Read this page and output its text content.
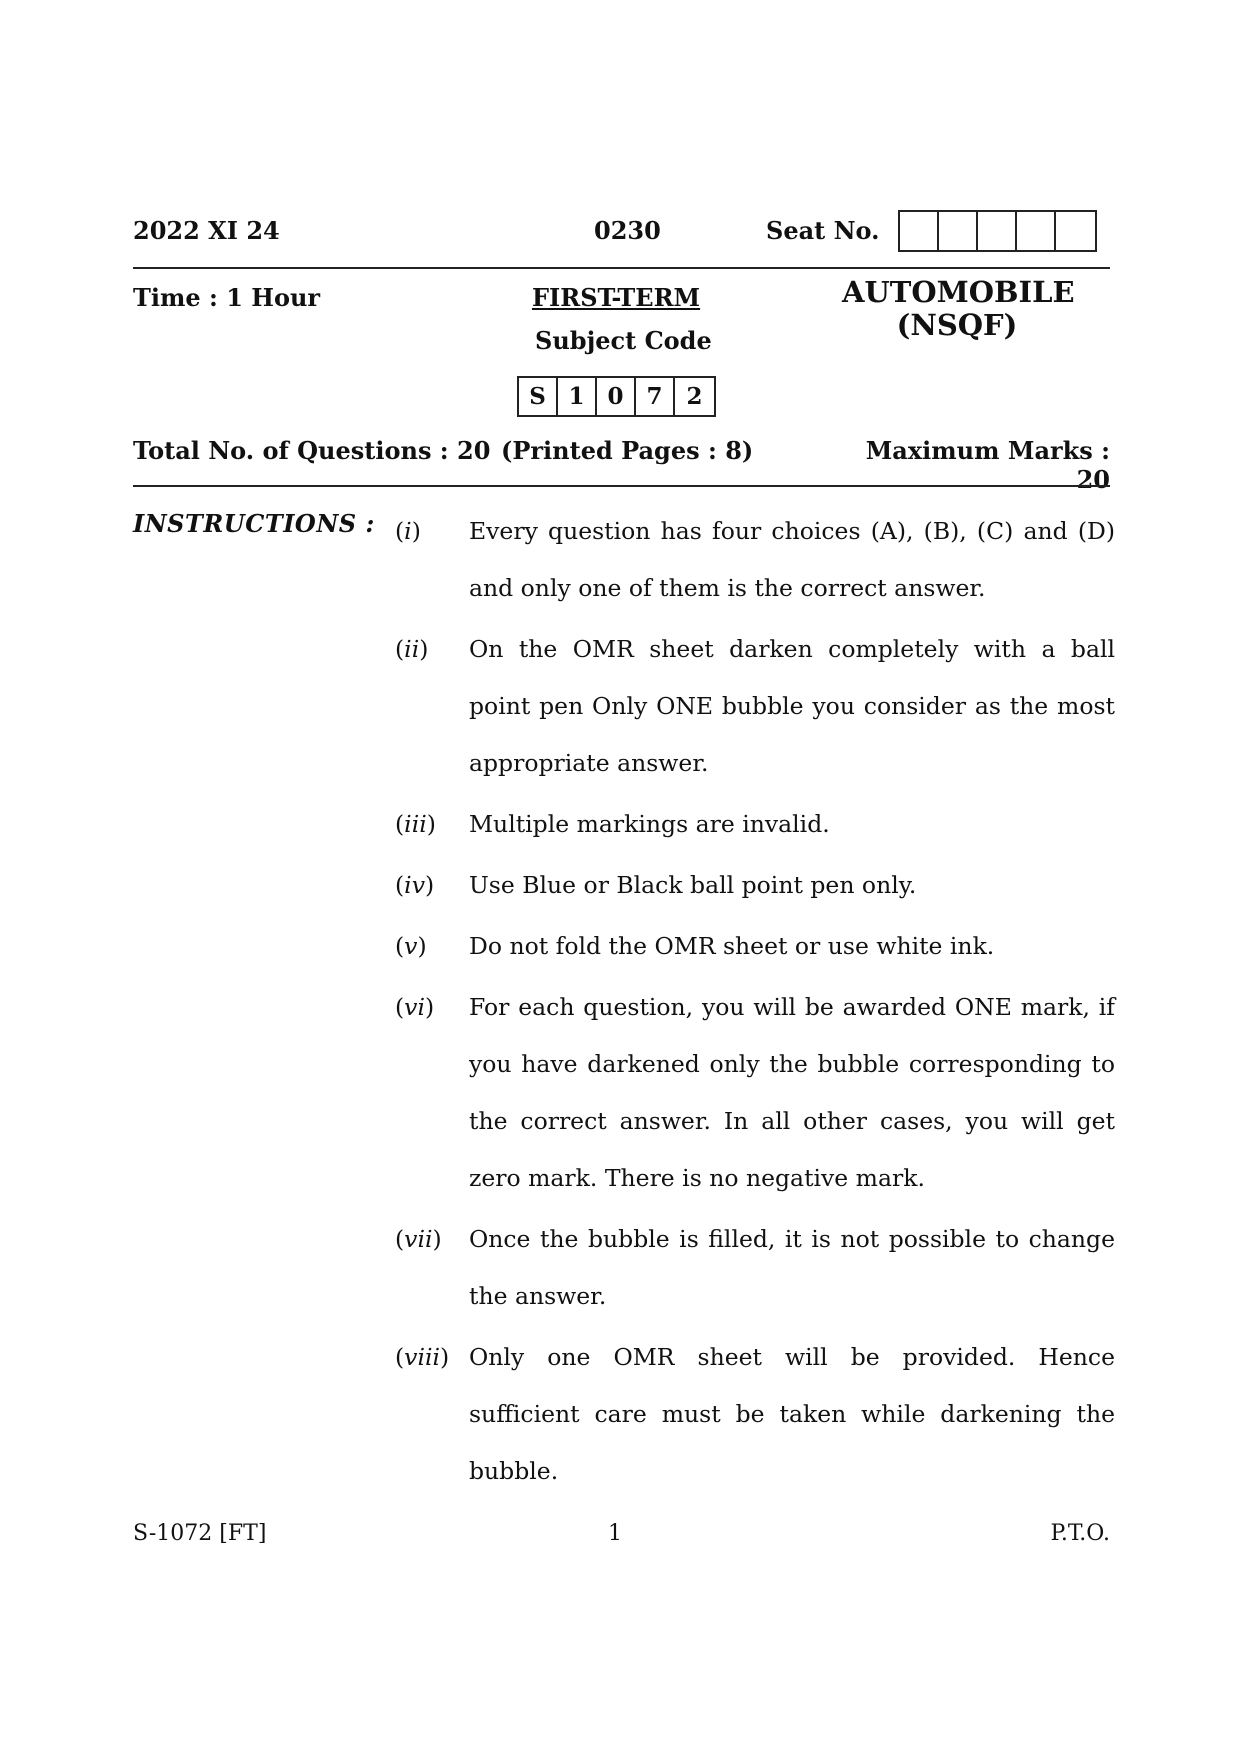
2022 XI 24	0230	Seat No.
Time : 1 Hour	FIRST-TERM
Subject Code
AUTOMOBILE
(NSQF)
S 1 0 7	2
Total No. of Questions : 20 (Printed Pages : 8)	Maximum Marks : 20
INSTRUCTIONS : (i) Every question has four choices (A), (B), (C) and (D) and only one of them is the correct answer.
(ii) On the OMR sheet darken completely with a ball point pen Only ONE bubble you consider as the most appropriate answer.
(iii) Multiple markings are invalid.
(iv) Use Blue or Black ball point pen only.
(v) Do not fold the OMR sheet or use white ink.
(vi) For each question, you will be awarded ONE mark, if you have darkened only the bubble corresponding to the correct answer. In all other cases, you will get zero mark. There is no negative mark.
(vii) Once the bubble is filled, it is not possible to change the answer.
(viii) Only one OMR sheet will be provided. Hence sufficient care must be taken while darkening the bubble.
S-1072 [FT]	1	P.T.O.
